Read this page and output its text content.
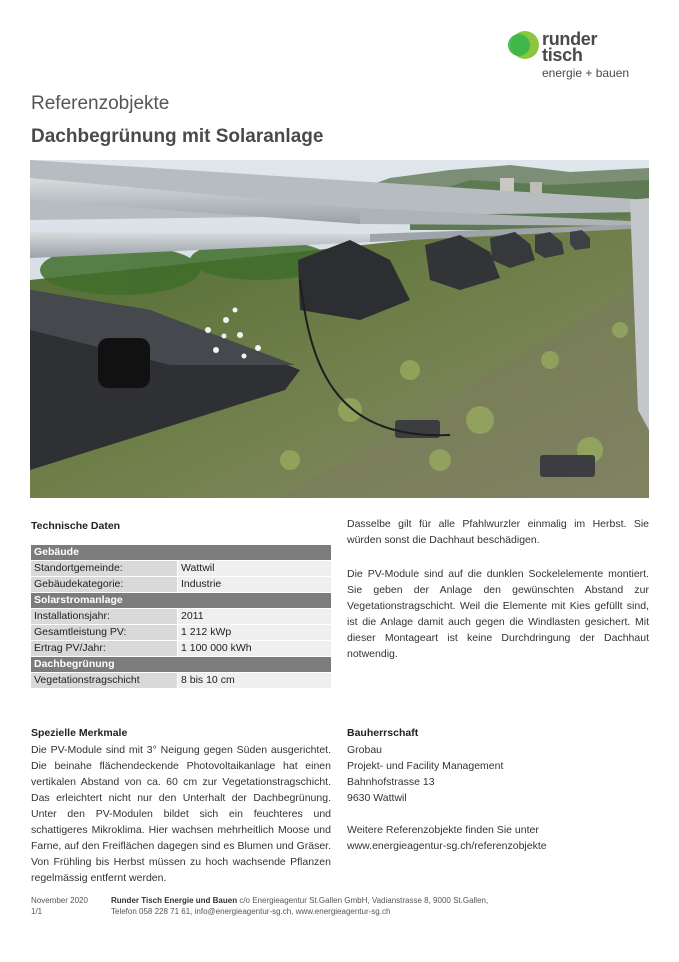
runder
tisch
energie + bauen
Referenzobjekte
Dachbegrünung mit Solaranlage
Technische Daten
Gebäude	
Standortgemeinde:	Wattwil
Gebäudekategorie:	Industrie
Solarstromanlage	
Installationsjahr:	2011
Gesamtleistung PV:	1 212 kWp
Ertrag PV/Jahr:	1 100 000 kWh
Dachbegrünung	
Vegetationstragschicht	8 bis 10 cm
Dasselbe gilt für alle Pfahlwurzler einmalig im Herbst. Sie würden sonst die Dachhaut beschädigen.
Die PV-Module sind auf die dunklen Sockelelemente montiert. Sie geben der Anlage den gewünschten Abstand zur Vegetationstragschicht. Weil die Elemente mit Kies gefüllt sind, ist die Anlage damit auch gegen die Windlasten gesichert. Mit dieser Montageart ist keine Durchdringung der Dachhaut notwendig.
Spezielle Merkmale
Die PV-Module sind mit 3° Neigung gegen Süden ausgerichtet. Die beinahe flächendeckende Photovoltaikanlage hat einen vertikalen Abstand von ca. 60 cm zur Vegetationstragschicht. Das erleichtert nicht nur den Unterhalt der Dachbegrünung. Unter den PV-Modulen bildet sich ein feuchteres und schattigeres Mikroklima. Hier wachsen mehrheitlich Moose und Farne, auf den Freiflächen dagegen sind es Blumen und Gräser. Von Frühling bis Herbst müssen zu hoch wachsende Pflanzen regelmässig entfernt werden.
Bauherrschaft
Grobau
Projekt- und Facility Management
Bahnhofstrasse 13
9630 Wattwil
Weitere Referenzobjekte finden Sie unter
www.energieagentur-sg.ch/referenzobjekte
November 2020
1/1
Runder Tisch Energie und Bauen c/o Energieagentur St.Gallen GmbH, Vadianstrasse 8, 9000 St.Gallen,
Telefon 058 228 71 61, info@energieagentur-sg.ch, www.energieagentur-sg.ch
